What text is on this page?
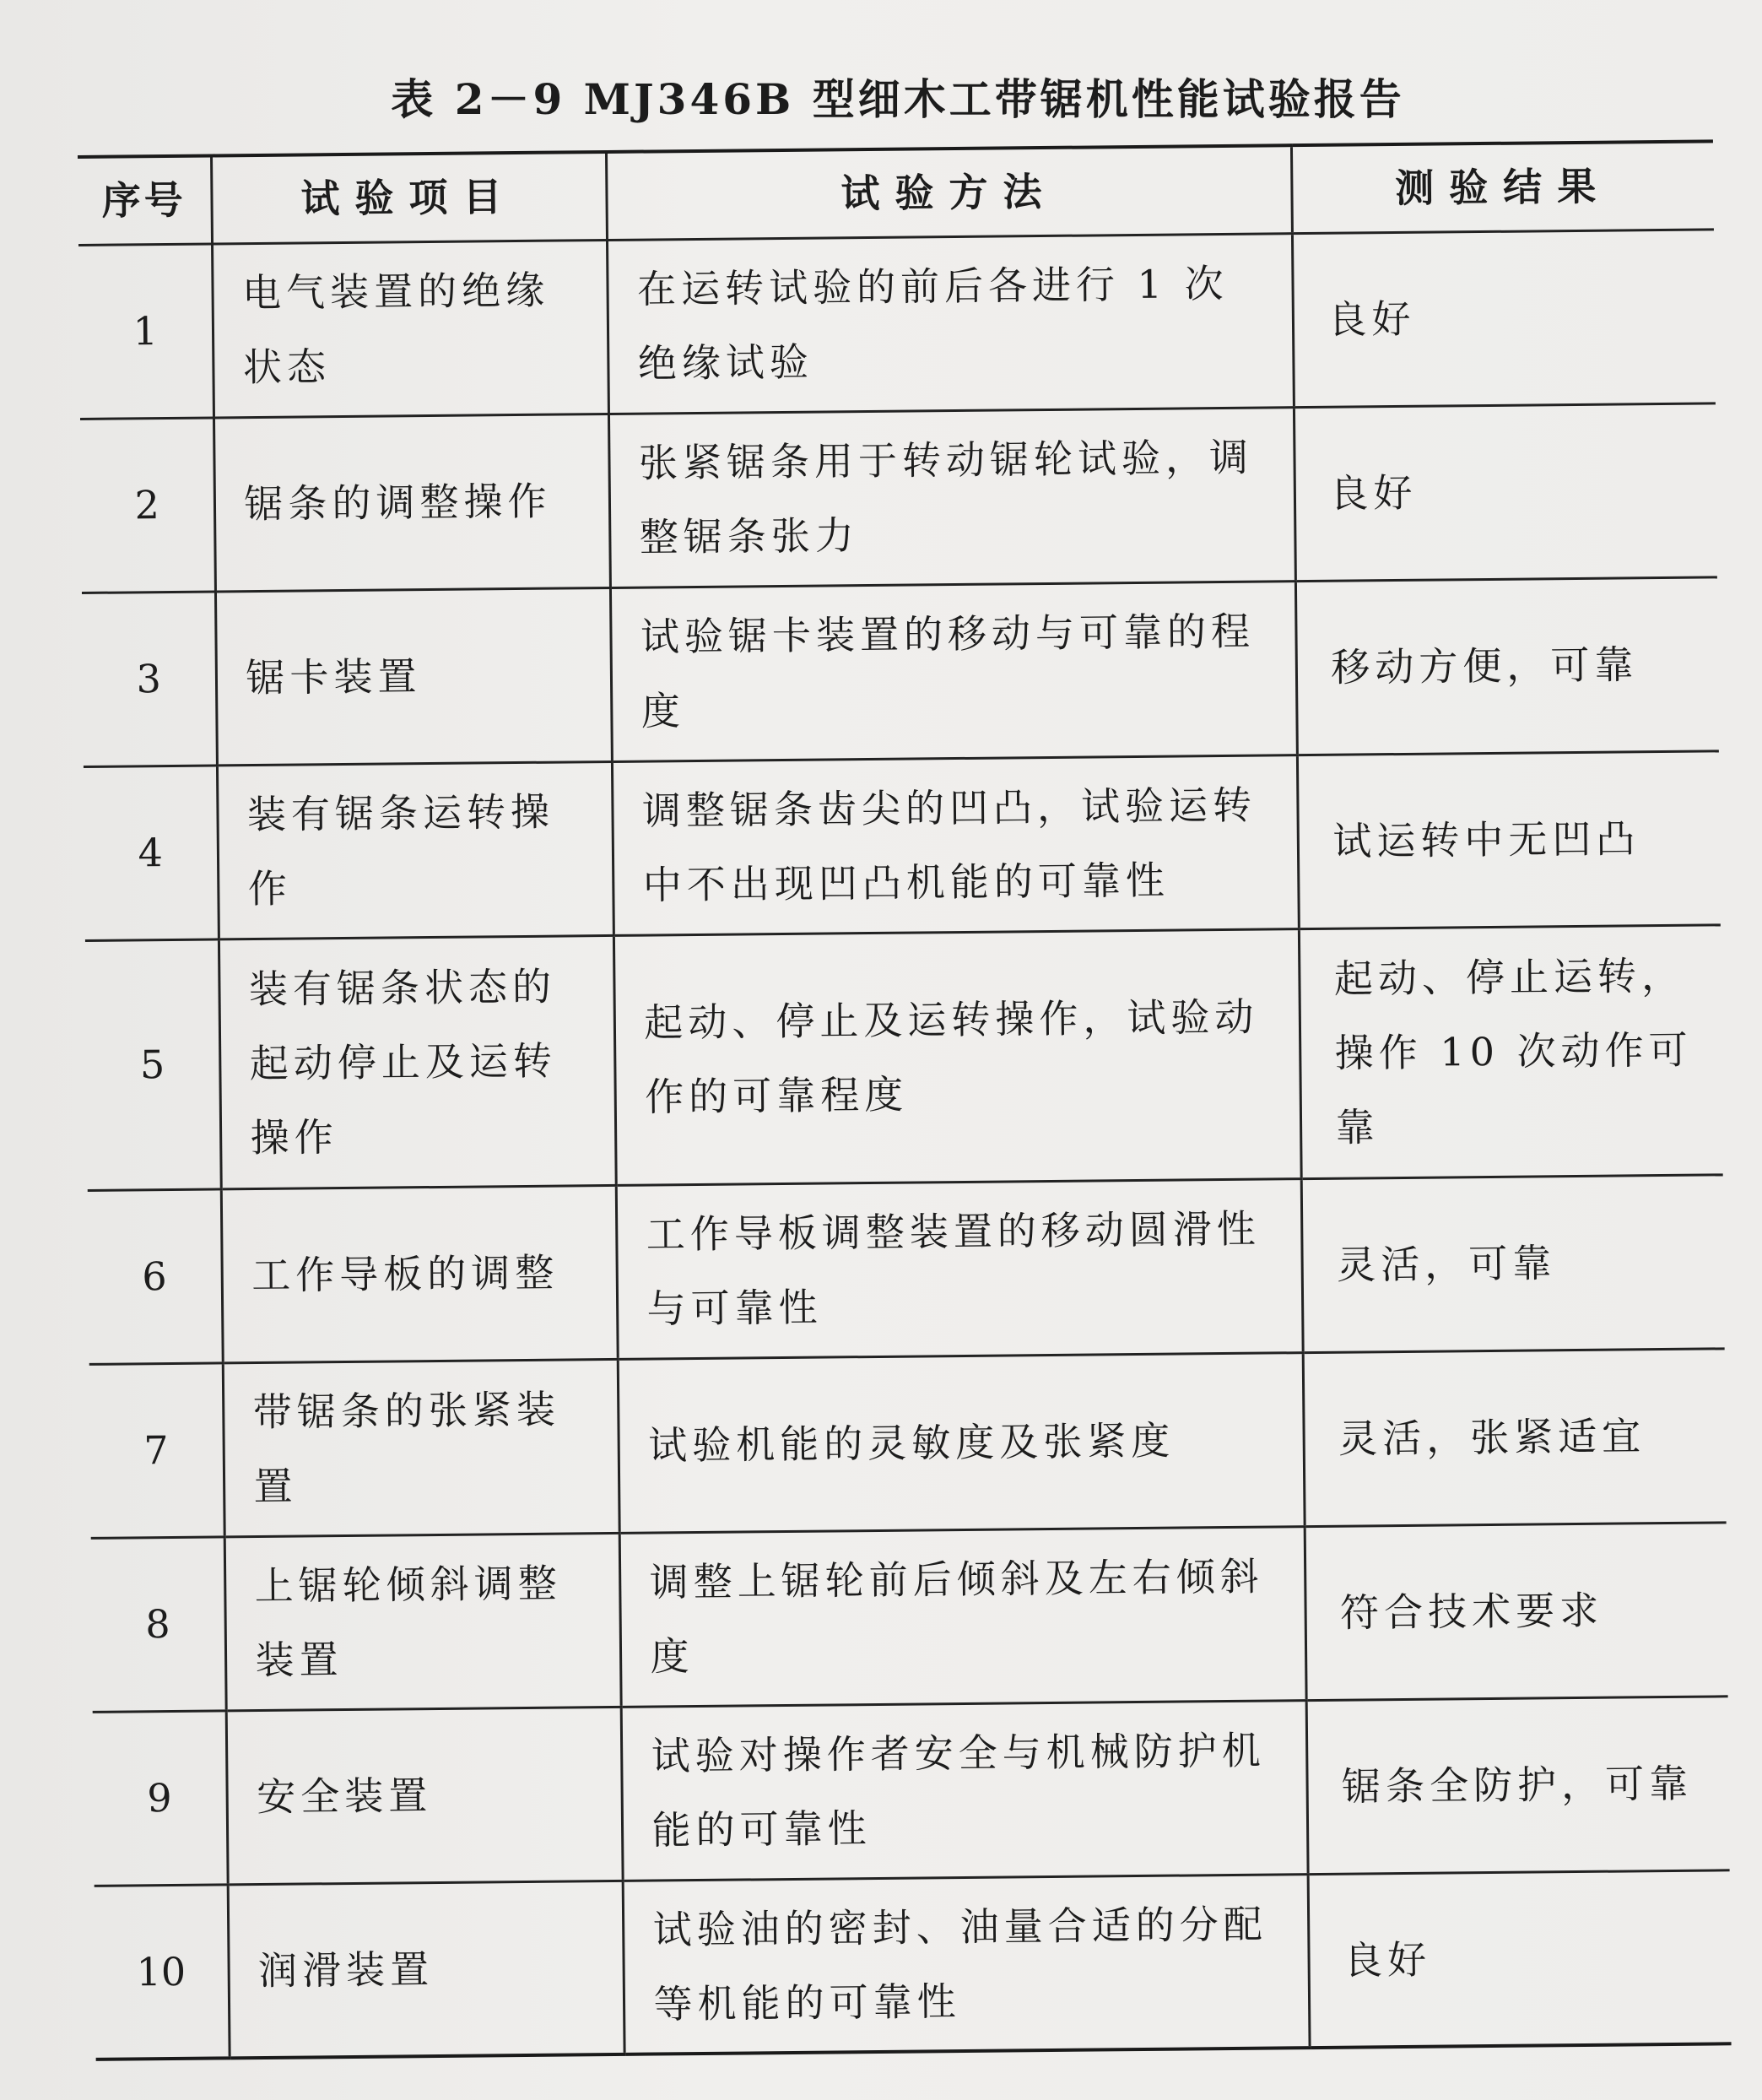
表 2－9 MJ346B 型细木工带锯机性能试验报告
序号	试验项目	试验方法	测验结果
1	电气装置的绝缘状态	在运转试验的前后各进行 1 次绝缘试验	良好
2	锯条的调整操作	张紧锯条用于转动锯轮试验，调整锯条张力	良好
3	锯卡装置	试验锯卡装置的移动与可靠的程度	移动方便，可靠
4	装有锯条运转操作	调整锯条齿尖的凹凸，试验运转中不出现凹凸机能的可靠性	试运转中无凹凸
5	装有锯条状态的起动停止及运转操作	起动、停止及运转操作，试验动作的可靠程度	起动、停止运转，操作 10 次动作可靠
6	工作导板的调整	工作导板调整装置的移动圆滑性与可靠性	灵活，可靠
7	带锯条的张紧装置	试验机能的灵敏度及张紧度	灵活，张紧适宜
8	上锯轮倾斜调整装置	调整上锯轮前后倾斜及左右倾斜度	符合技术要求
9	安全装置	试验对操作者安全与机械防护机能的可靠性	锯条全防护，可靠
10	润滑装置	试验油的密封、油量合适的分配等机能的可靠性	良好
